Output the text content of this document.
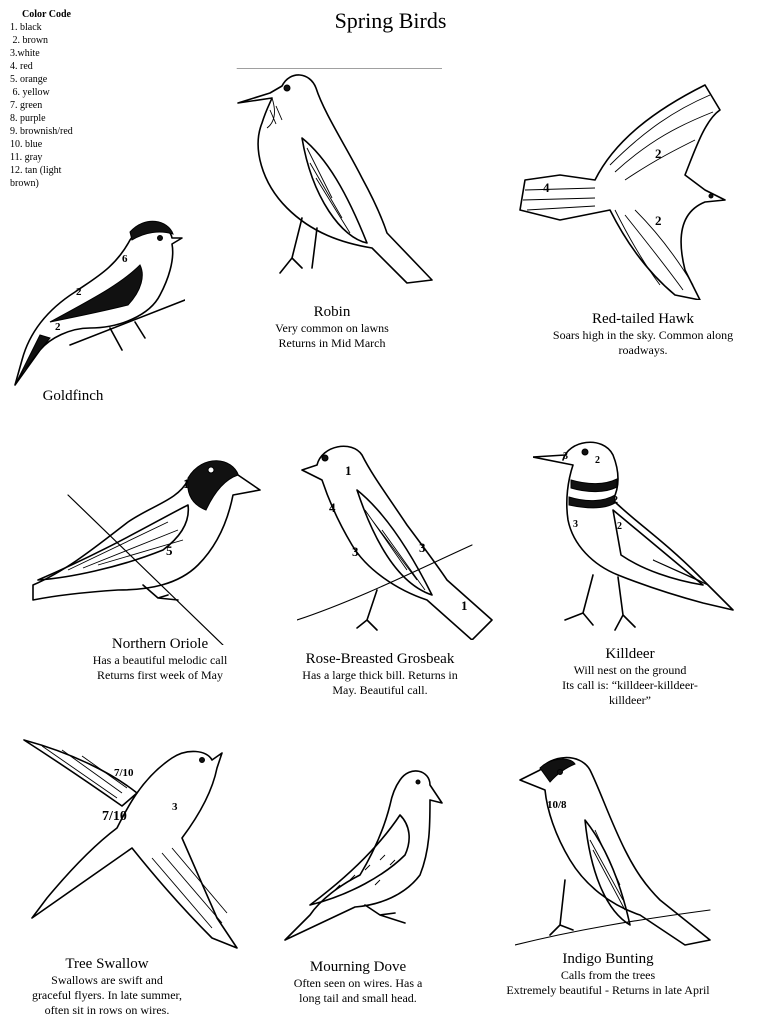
Spring Birds
Color Code
1. black
2. brown
3.white
4. red
5. orange
6. yellow
7. green
8. purple
9. brownish/red
10. blue
11. gray
12. tan (light
brown)
6
2
2
Goldfinch
Robin
Very common on lawns
Returns in Mid March
2
4
2
Red-tailed Hawk
Soars high in the sky. Common along
roadways.
1
5
Northern Oriole
Has a beautiful melodic call
Returns first week of May
1
4
3	3
1
Rose-Breasted Grosbeak
Has a large thick bill. Returns in
May. Beautiful call.
3	2
3
2
2
Killdeer
Will nest on the ground
Its call is: “killdeer-killdeer-
killdeer”
7/10
7/10
3
Tree Swallow
Swallows are swift and
graceful flyers. In late summer,
often sit in rows on wires.
Mourning Dove
Often seen on wires. Has a
long tail and small head.
10/8
Indigo Bunting
Calls from the trees
Extremely beautiful - Returns in late April
